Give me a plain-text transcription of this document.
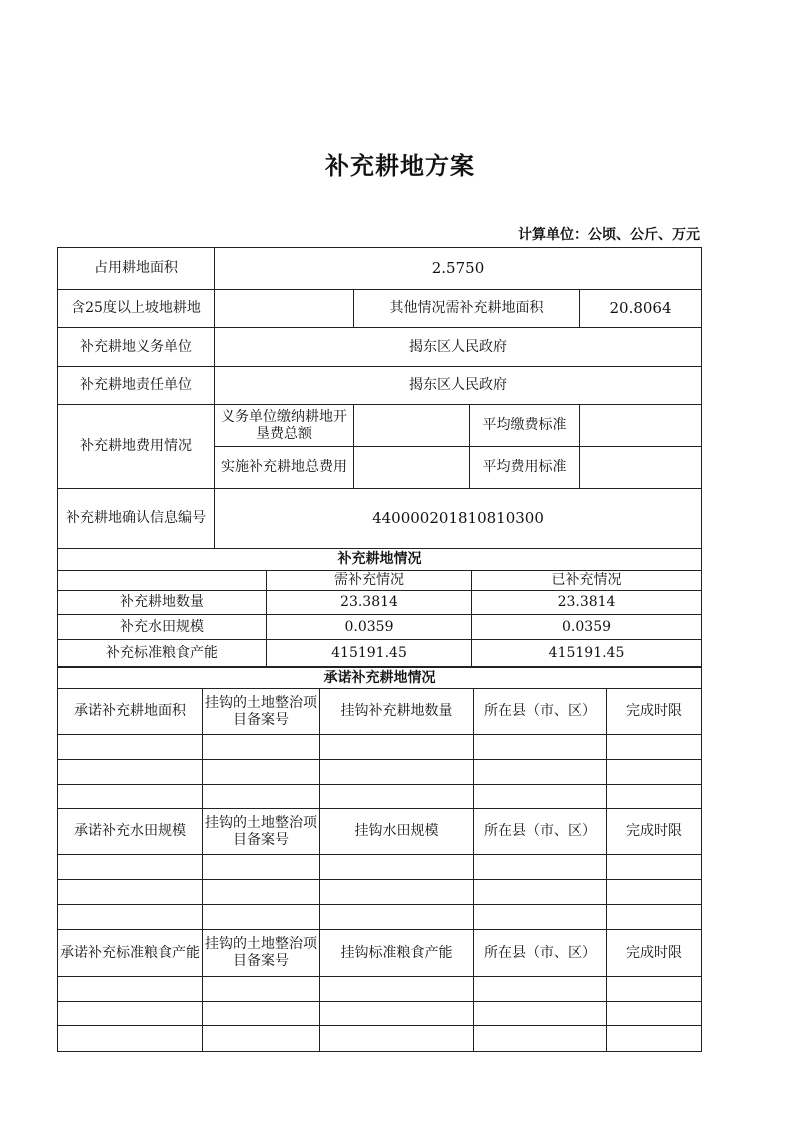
补充耕地方案
计算单位：公顷、公斤、万元
占用耕地面积	2.5750			
含25度以上坡地耕地		其他情况需补充耕地面积		20.8064
补充耕地义务单位	揭东区人民政府			
补充耕地责任单位	揭东区人民政府			
补充耕地费用情况	义务单位缴纳耕地开垦费总额		平均缴费标准	
	实施补充耕地总费用		平均费用标准	
补充耕地确认信息编号	440000201810810300			
补充耕地情况		
	需补充情况	已补充情况
补充耕地数量	23.3814	23.3814
补充水田规模	0.0359	0.0359
补充标准粮食产能	415191.45	415191.45
承诺补充耕地情况				
承诺补充耕地面积	挂钩的土地整治项目备案号	挂钩补充耕地数量	所在县（市、区）	完成时限

承诺补充水田规模	挂钩的土地整治项目备案号	挂钩水田规模	所在县（市、区）	完成时限

承诺补充标准粮食产能	挂钩的土地整治项目备案号	挂钩标准粮食产能	所在县（市、区）	完成时限
